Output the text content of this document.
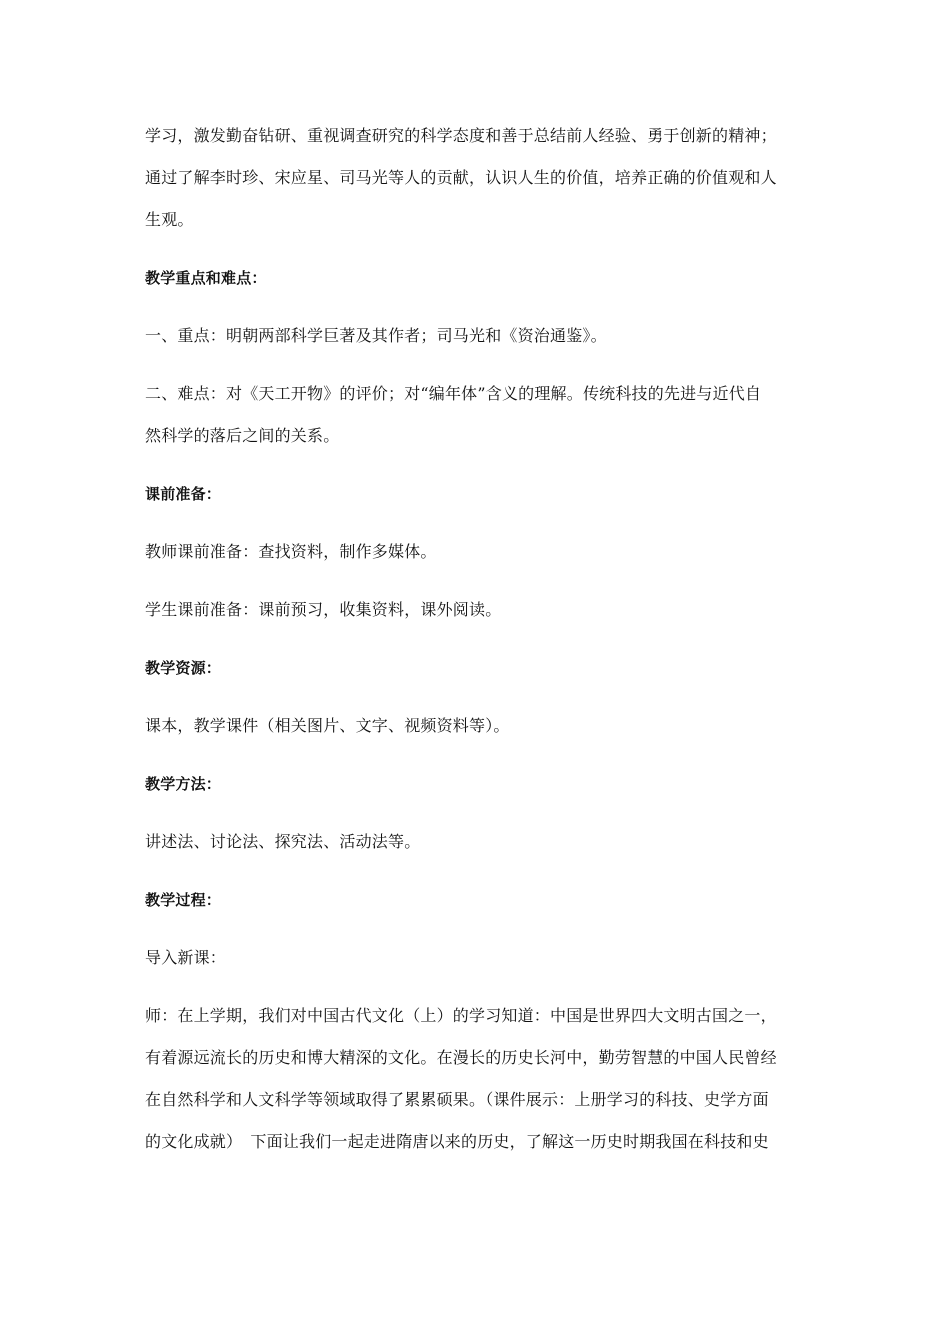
学习，激发勤奋钻研、重视调查研究的科学态度和善于总结前人经验、勇于创新的精神；
通过了解李时珍、宋应星、司马光等人的贡献，认识人生的价值，培养正确的价值观和人
生观。
教学重点和难点：
一、重点：明朝两部科学巨著及其作者；司马光和《资治通鉴》。
二、难点：对《天工开物》的评价；对“编年体”含义的理解。传统科技的先进与近代自
然科学的落后之间的关系。
课前准备：
教师课前准备：查找资料，制作多媒体。
学生课前准备：课前预习，收集资料，课外阅读。
教学资源：
课本，教学课件（相关图片、文字、视频资料等）。
教学方法：
讲述法、讨论法、探究法、活动法等。
教学过程：
导入新课：
师：在上学期，我们对中国古代文化（上）的学习知道：中国是世界四大文明古国之一，
有着源远流长的历史和博大精深的文化。在漫长的历史长河中，勤劳智慧的中国人民曾经
在自然科学和人文科学等领域取得了累累硕果。（课件展示：上册学习的科技、史学方面
的文化成就）　下面让我们一起走进隋唐以来的历史，了解这一历史时期我国在科技和史
